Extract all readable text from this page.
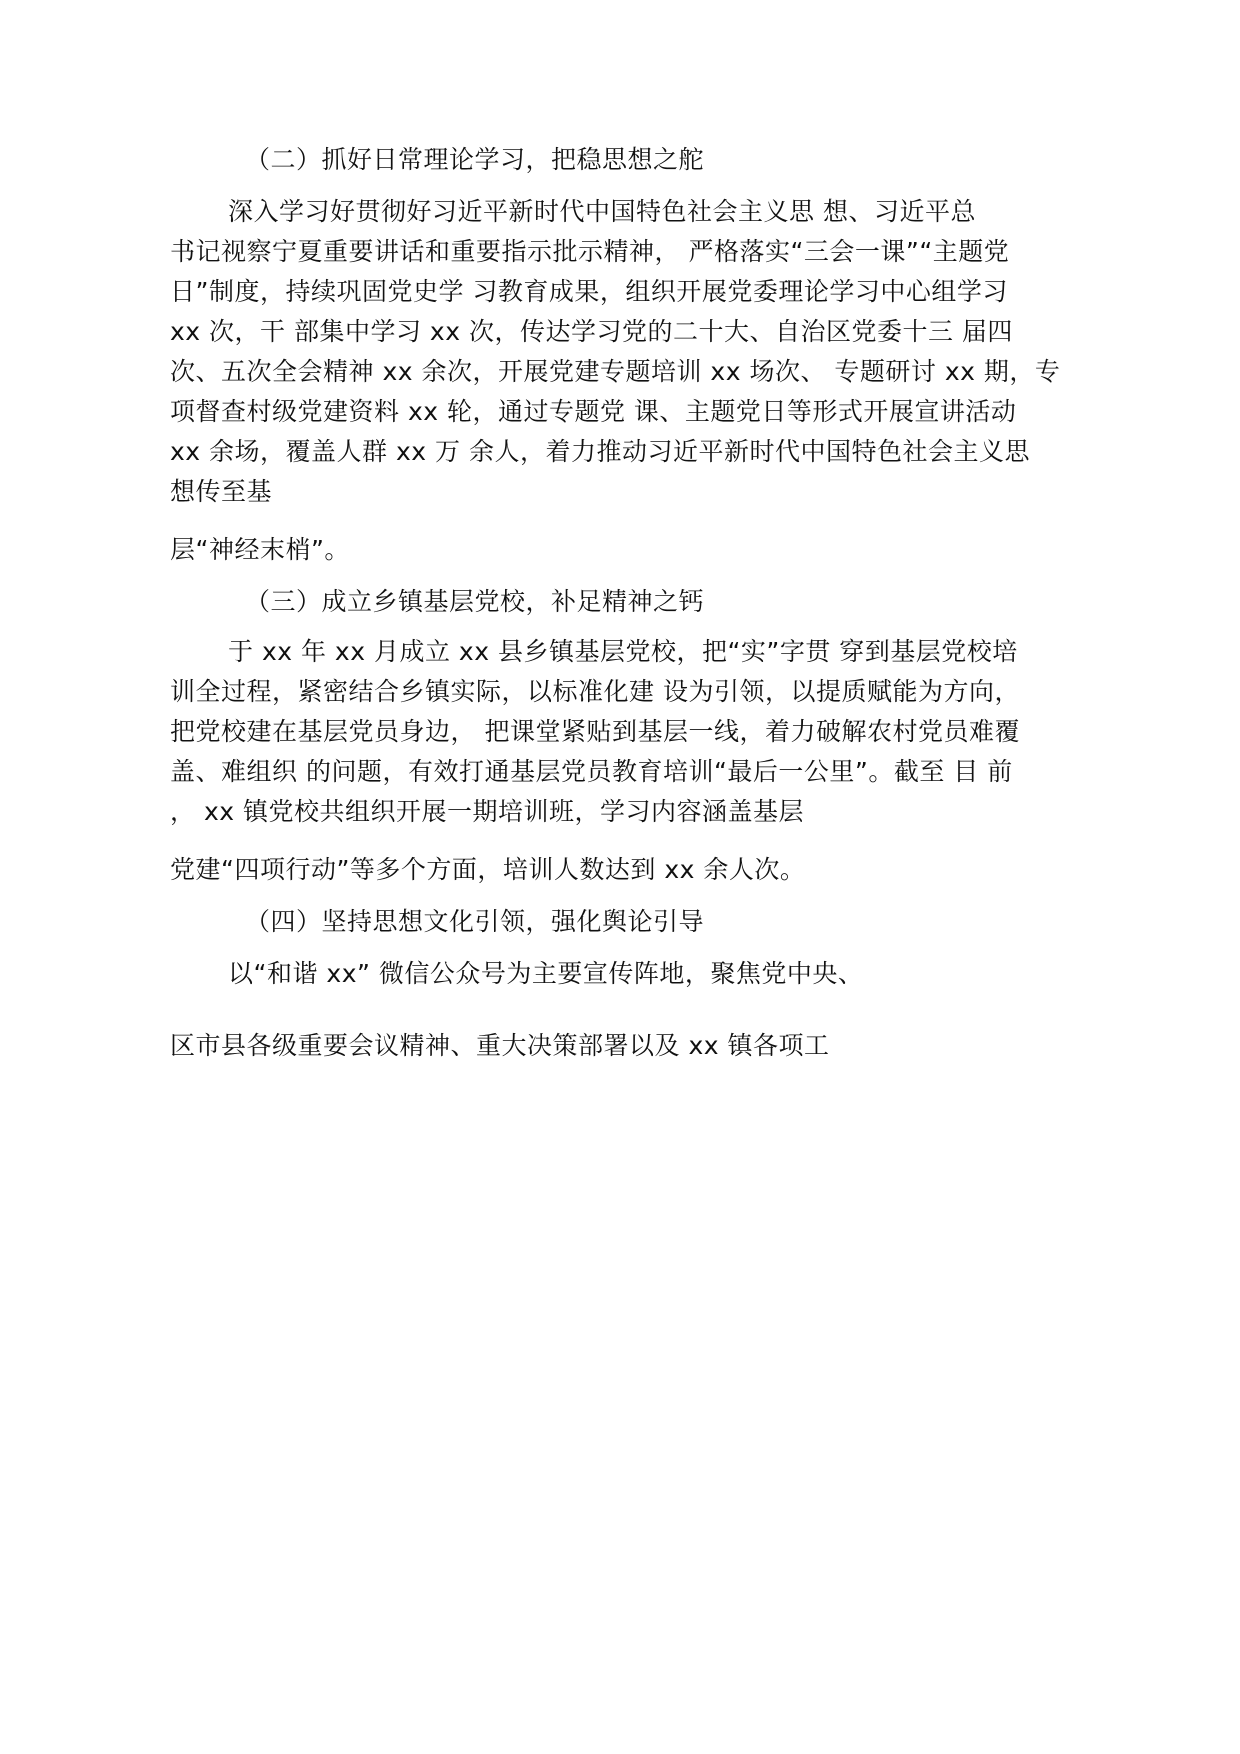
（二）抓好日常理论学习，把稳思想之舵
深入学习好贯彻好习近平新时代中国特色社会主义思 想、习近平总
书记视察宁夏重要讲话和重要指示批示精神， 严格落实“三会一课”“主题党
日”制度，持续巩固党史学 习教育成果，组织开展党委理论学习中心组学习
xx 次，干 部集中学习 xx 次，传达学习党的二十大、自治区党委十三 届四
次、五次全会精神 xx 余次，开展党建专题培训 xx 场次、 专题研讨 xx 期，专
项督查村级党建资料 xx 轮，通过专题党 课、主题党日等形式开展宣讲活动
xx 余场，覆盖人群 xx 万 余人，着力推动习近平新时代中国特色社会主义思
想传至基
层“神经末梢”。
（三）成立乡镇基层党校，补足精神之钙
于 xx 年 xx 月成立 xx 县乡镇基层党校，把“实”字贯 穿到基层党校培
训全过程，紧密结合乡镇实际，以标准化建 设为引领，以提质赋能为方向，
把党校建在基层党员身边， 把课堂紧贴到基层一线，着力破解农村党员难覆
盖、难组织 的问题，有效打通基层党员教育培训“最后一公里”。截至 目 前
， xx 镇党校共组织开展一期培训班，学习内容涵盖基层
党建“四项行动”等多个方面，培训人数达到 xx 余人次。
（四）坚持思想文化引领，强化舆论引导
以“和谐 xx” 微信公众号为主要宣传阵地，聚焦党中央、
区市县各级重要会议精神、重大决策部署以及 xx 镇各项工
